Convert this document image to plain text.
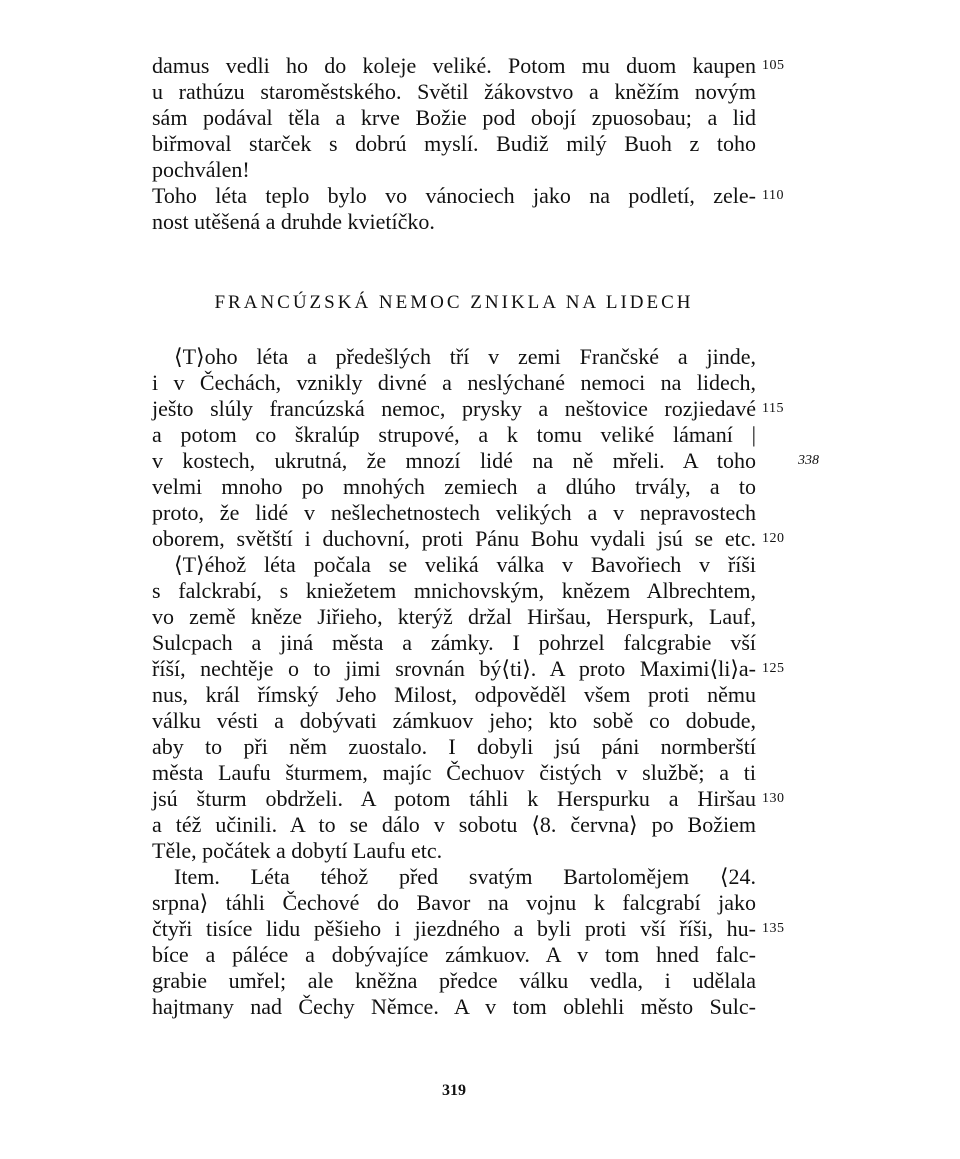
damus vedli ho do koleje veliké. Potom mu duom kaupen 105
u rathúzu staroměstského. Světil žákovstvo a kněžím novým
sám podával těla a krve Božie pod obojí zpuosobau; a lid
biřmoval starček s dobrú myslí. Budiž milý Buoh z toho
pochválen!
Toho léta teplo bylo vo vánociech jako na podletí, zele- 110
nost utěšená a druhde kvietíčko.
FRANCÚZSKÁ NEMOC ZNIKLA NA LIDECH
⟨T⟩oho léta a předešlých tří v zemi Frančské a jinde,
i v Čechách, vznikly divné a neslýchané nemoci na lidech,
ješto slúly francúzská nemoc, prysky a neštovice rozjiedavé 115
a potom co škralúp strupové, a k tomu veliké lámaní |
v kostech, ukrutná, že mnozí lidé na ně mřeli. A toho	338
velmi mnoho po mnohých zemiech a dlúho trvály, a to
proto, že lidé v nešlechetnostech velikých a v nepravostech
oborem, světští i duchovní, proti Pánu Bohu vydali jsú se etc. 120
⟨T⟩éhož léta počala se veliká válka v Bavořiech v říši
s falckrabí, s kniežetem mnichovským, knězem Albrechtem,
vo země kněze Jiřieho, kterýž držal Hiršau, Herspurk, Lauf,
Sulcpach a jiná města a zámky. I pohrzel falcgrabie vší
říší, nechtěje o to jimi srovnán bý⟨ti⟩. A proto Maximi⟨li⟩a- 125
nus, král římský Jeho Milost, odpověděl všem proti němu
válku vésti a dobývati zámkuov jeho; kto sobě co dobude,
aby to při něm zuostalo. I dobyli jsú páni normberští
města Laufu šturmem, majíc Čechuov čistých v službě; a ti
jsú šturm obdrželi. A potom táhli k Herspurku a Hiršau 130
a též učinili. A to se dálo v sobotu ⟨8. června⟩ po Božiem
Těle, počátek a dobytí Laufu etc.
Item. Léta téhož před svatým Bartolomějem ⟨24.
srpna⟩ táhli Čechové do Bavor na vojnu k falcgrabí jako
čtyři tisíce lidu pěšieho i jiezdného a byli proti vší říši, hu- 135
bíce a páléce a dobývajíce zámkuov. A v tom hned falc-
grabie umřel; ale kněžna předce válku vedla, i udělala
hajtmany nad Čechy Němce. A v tom oblehli město Sulc-
319
